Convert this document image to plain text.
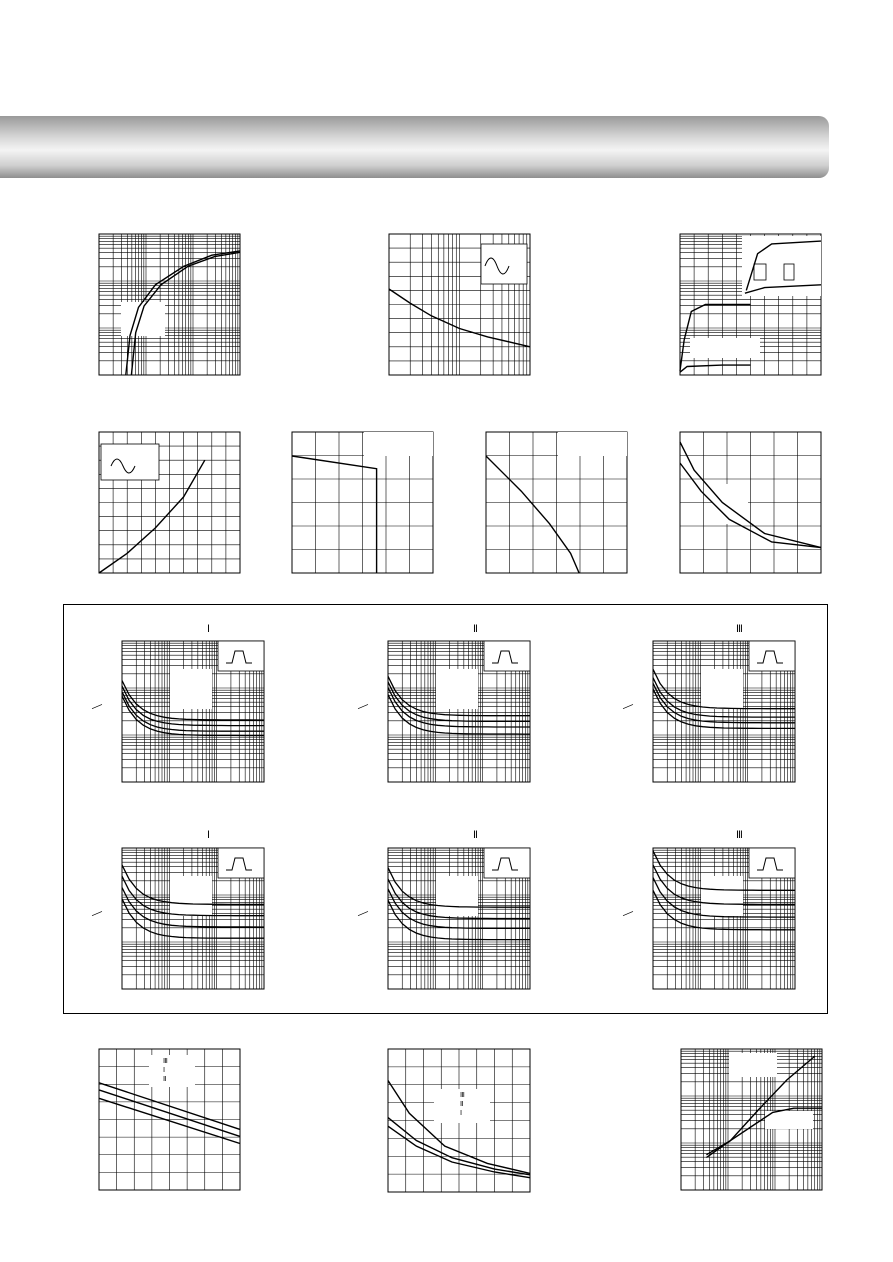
Ⅰ	Ⅱ	Ⅲ
Ⅰ	Ⅱ	Ⅲ
Ⅲ
Ⅰ
Ⅱ
Ⅲ
Ⅱ
Ⅰ
